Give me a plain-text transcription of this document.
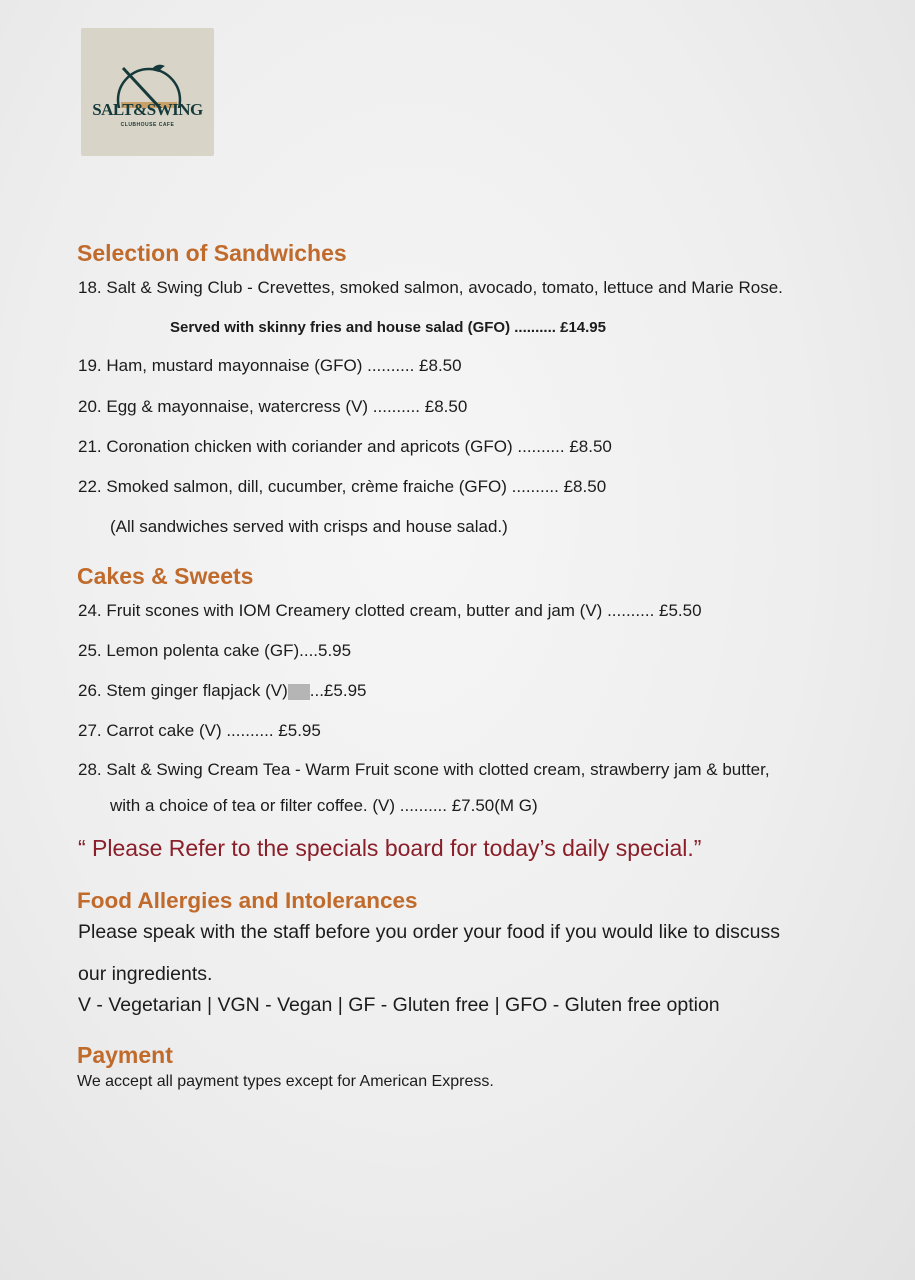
SALT&SWING
CLUBHOUSE CAFE
Selection of Sandwiches
18. Salt & Swing Club - Crevettes, smoked salmon, avocado, tomato, lettuce and Marie Rose.
Served with skinny fries and house salad (GFO) .......... £14.95
19. Ham, mustard mayonnaise (GFO) .......... £8.50
20. Egg & mayonnaise, watercress (V) .......... £8.50
21. Coronation chicken with coriander and apricots (GFO) .......... £8.50
22. Smoked salmon, dill, cucumber, crème fraiche (GFO) .......... £8.50
(All sandwiches served with crisps and house salad.)
Cakes & Sweets
24. Fruit scones with IOM Creamery clotted cream, butter and jam (V) .......... £5.50
25. Lemon polenta cake (GF)....5.95
26. Stem ginger flapjack (V) ...£5.95
27. Carrot cake (V) .......... £5.95
28. Salt & Swing Cream Tea - Warm Fruit scone with clotted cream, strawberry jam & butter,
with a choice of tea or filter coffee. (V) .......... £7.50(M G)
“ Please Refer to the specials board for today’s daily special.”
Food Allergies and Intolerances
Please speak with the staff before you order your food if you would like to discuss
our ingredients.
V - Vegetarian | VGN - Vegan | GF - Gluten free | GFO - Gluten free option
Payment
We accept all payment types except for American Express.
